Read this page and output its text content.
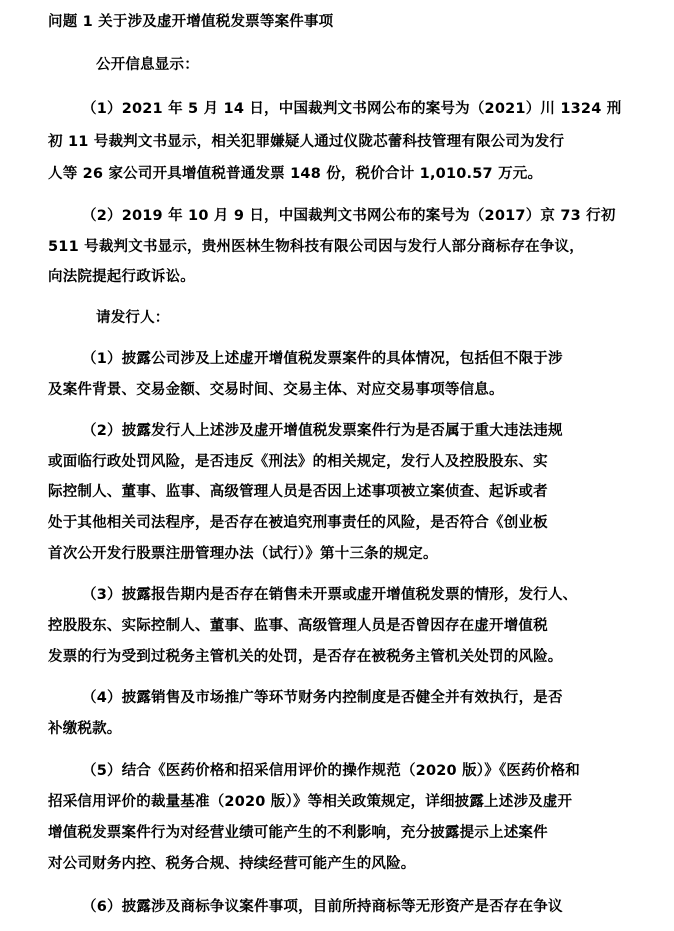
问题 1 关于涉及虚开增值税发票等案件事项
公开信息显示：
（1）2021 年 5 月 14 日，中国裁判文书网公布的案号为（2021）川 1324 刑
初 11 号裁判文书显示，相关犯罪嫌疑人通过仪陇芯蕾科技管理有限公司为发行
人等 26 家公司开具增值税普通发票 148 份，税价合计 1,010.57 万元。
（2）2019 年 10 月 9 日，中国裁判文书网公布的案号为（2017）京 73 行初
511 号裁判文书显示，贵州医林生物科技有限公司因与发行人部分商标存在争议，
向法院提起行政诉讼。
请发行人：
（1）披露公司涉及上述虚开增值税发票案件的具体情况，包括但不限于涉
及案件背景、交易金额、交易时间、交易主体、对应交易事项等信息。
（2）披露发行人上述涉及虚开增值税发票案件行为是否属于重大违法违规
或面临行政处罚风险，是否违反《刑法》的相关规定，发行人及控股股东、实
际控制人、董事、监事、高级管理人员是否因上述事项被立案侦查、起诉或者
处于其他相关司法程序，是否存在被追究刑事责任的风险，是否符合《创业板
首次公开发行股票注册管理办法（试行）》第十三条的规定。
（3）披露报告期内是否存在销售未开票或虚开增值税发票的情形，发行人、
控股股东、实际控制人、董事、监事、高级管理人员是否曾因存在虚开增值税
发票的行为受到过税务主管机关的处罚，是否存在被税务主管机关处罚的风险。
（4）披露销售及市场推广等环节财务内控制度是否健全并有效执行，是否
补缴税款。
（5）结合《医药价格和招采信用评价的操作规范（2020 版）》《医药价格和
招采信用评价的裁量基准（2020 版）》等相关政策规定，详细披露上述涉及虚开
增值税发票案件行为对经营业绩可能产生的不利影响，充分披露提示上述案件
对公司财务内控、税务合规、持续经营可能产生的风险。
（6）披露涉及商标争议案件事项，目前所持商标等无形资产是否存在争议
